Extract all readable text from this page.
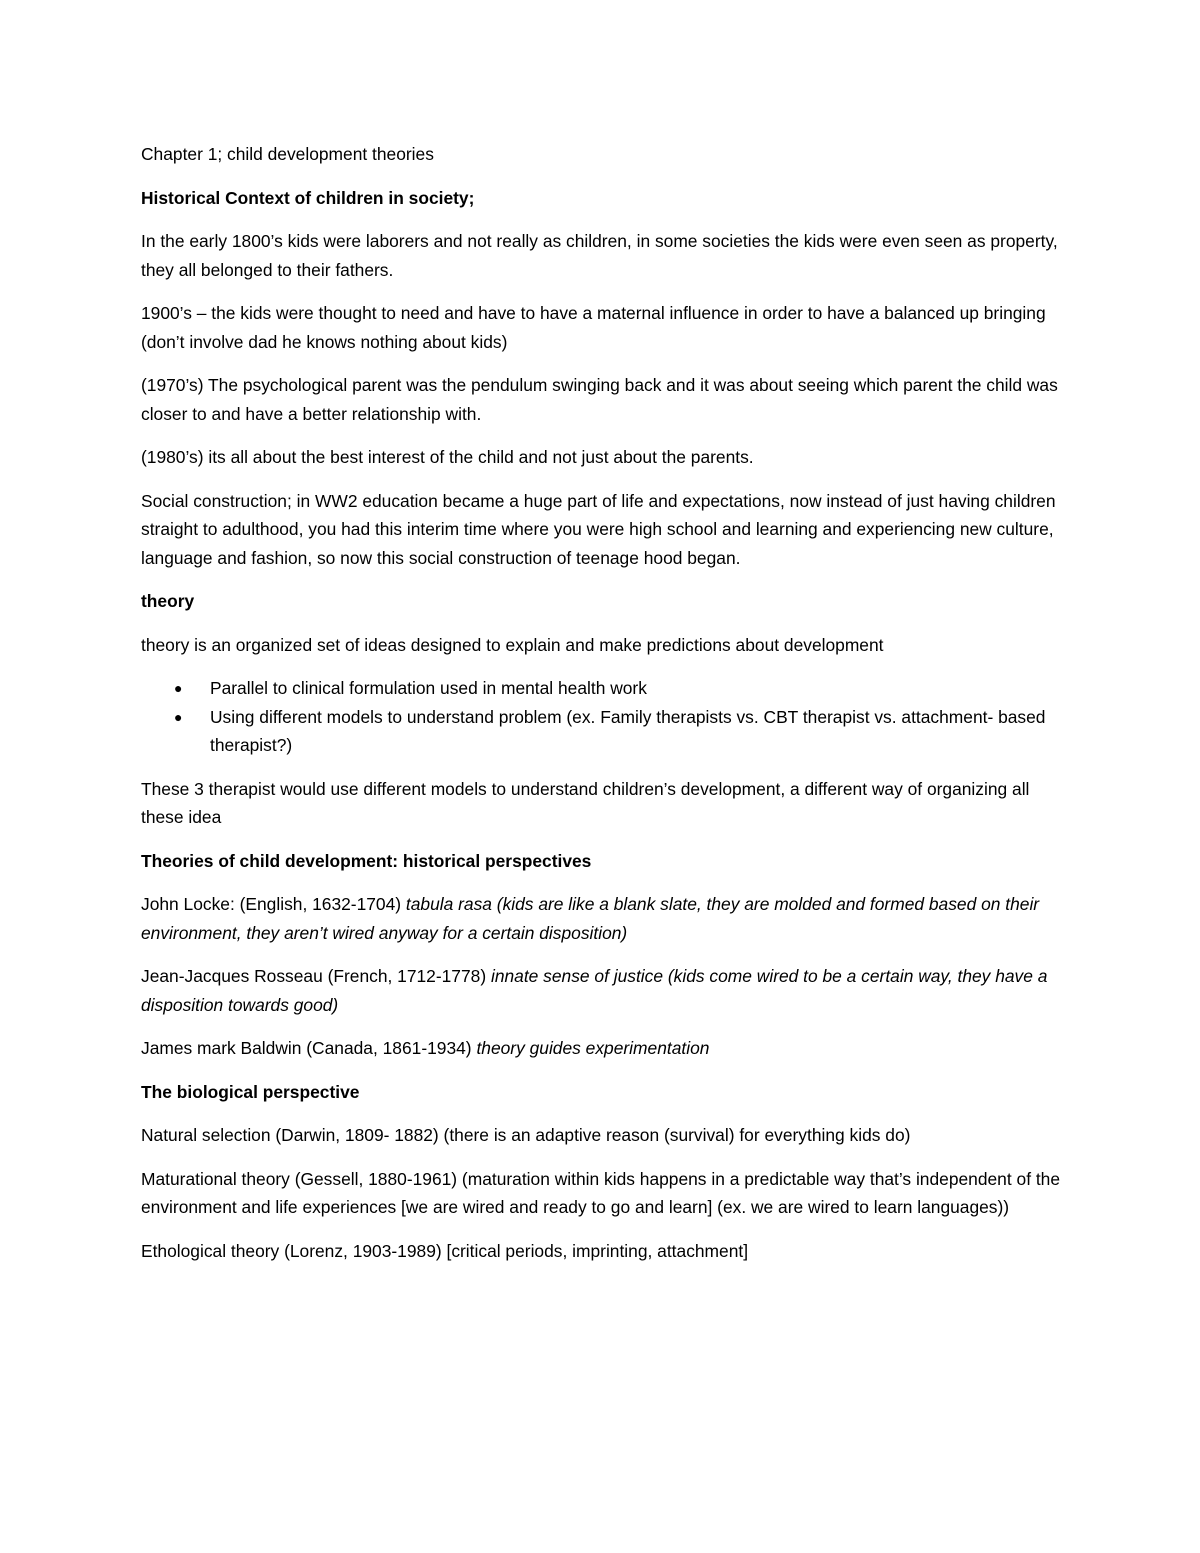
Chapter 1; child development theories

Historical Context of children in society;

In the early 1800’s kids were laborers and not really as children, in some societies the kids were even seen as property, they all belonged to their fathers.

1900’s – the kids were thought to need and have to have a maternal influence in order to have a balanced up bringing (don’t involve dad he knows nothing about kids)

(1970’s) The psychological parent was the pendulum swinging back and it was about seeing which parent the child was closer to and have a better relationship with.

(1980’s) its all about the best interest of the child and not just about the parents.

Social construction; in WW2 education became a huge part of life and expectations, now instead of just having children straight to adulthood, you had this interim time where you were high school and learning and experiencing new culture, language and fashion, so now this social construction of teenage hood began.

theory

theory is an organized set of ideas designed to explain and make predictions about development

● Parallel to clinical formulation used in mental health work
● Using different models to understand problem (ex. Family therapists vs. CBT therapist vs. attachment- based therapist?)

These 3 therapist would use different models to understand children’s development, a different way of organizing all these idea

Theories of child development: historical perspectives

John Locke: (English, 1632-1704) tabula rasa (kids are like a blank slate, they are molded and formed based on their environment, they aren’t wired anyway for a certain disposition)

Jean-Jacques Rosseau (French, 1712-1778) innate sense of justice (kids come wired to be a certain way, they have a disposition towards good)

James mark Baldwin (Canada, 1861-1934) theory guides experimentation

The biological perspective

Natural selection (Darwin, 1809- 1882) (there is an adaptive reason (survival) for everything kids do)

Maturational theory (Gessell, 1880-1961) (maturation within kids happens in a predictable way that’s independent of the environment and life experiences [we are wired and ready to go and learn] (ex. we are wired to learn languages))

Ethological theory (Lorenz, 1903-1989) [critical periods, imprinting, attachment]
